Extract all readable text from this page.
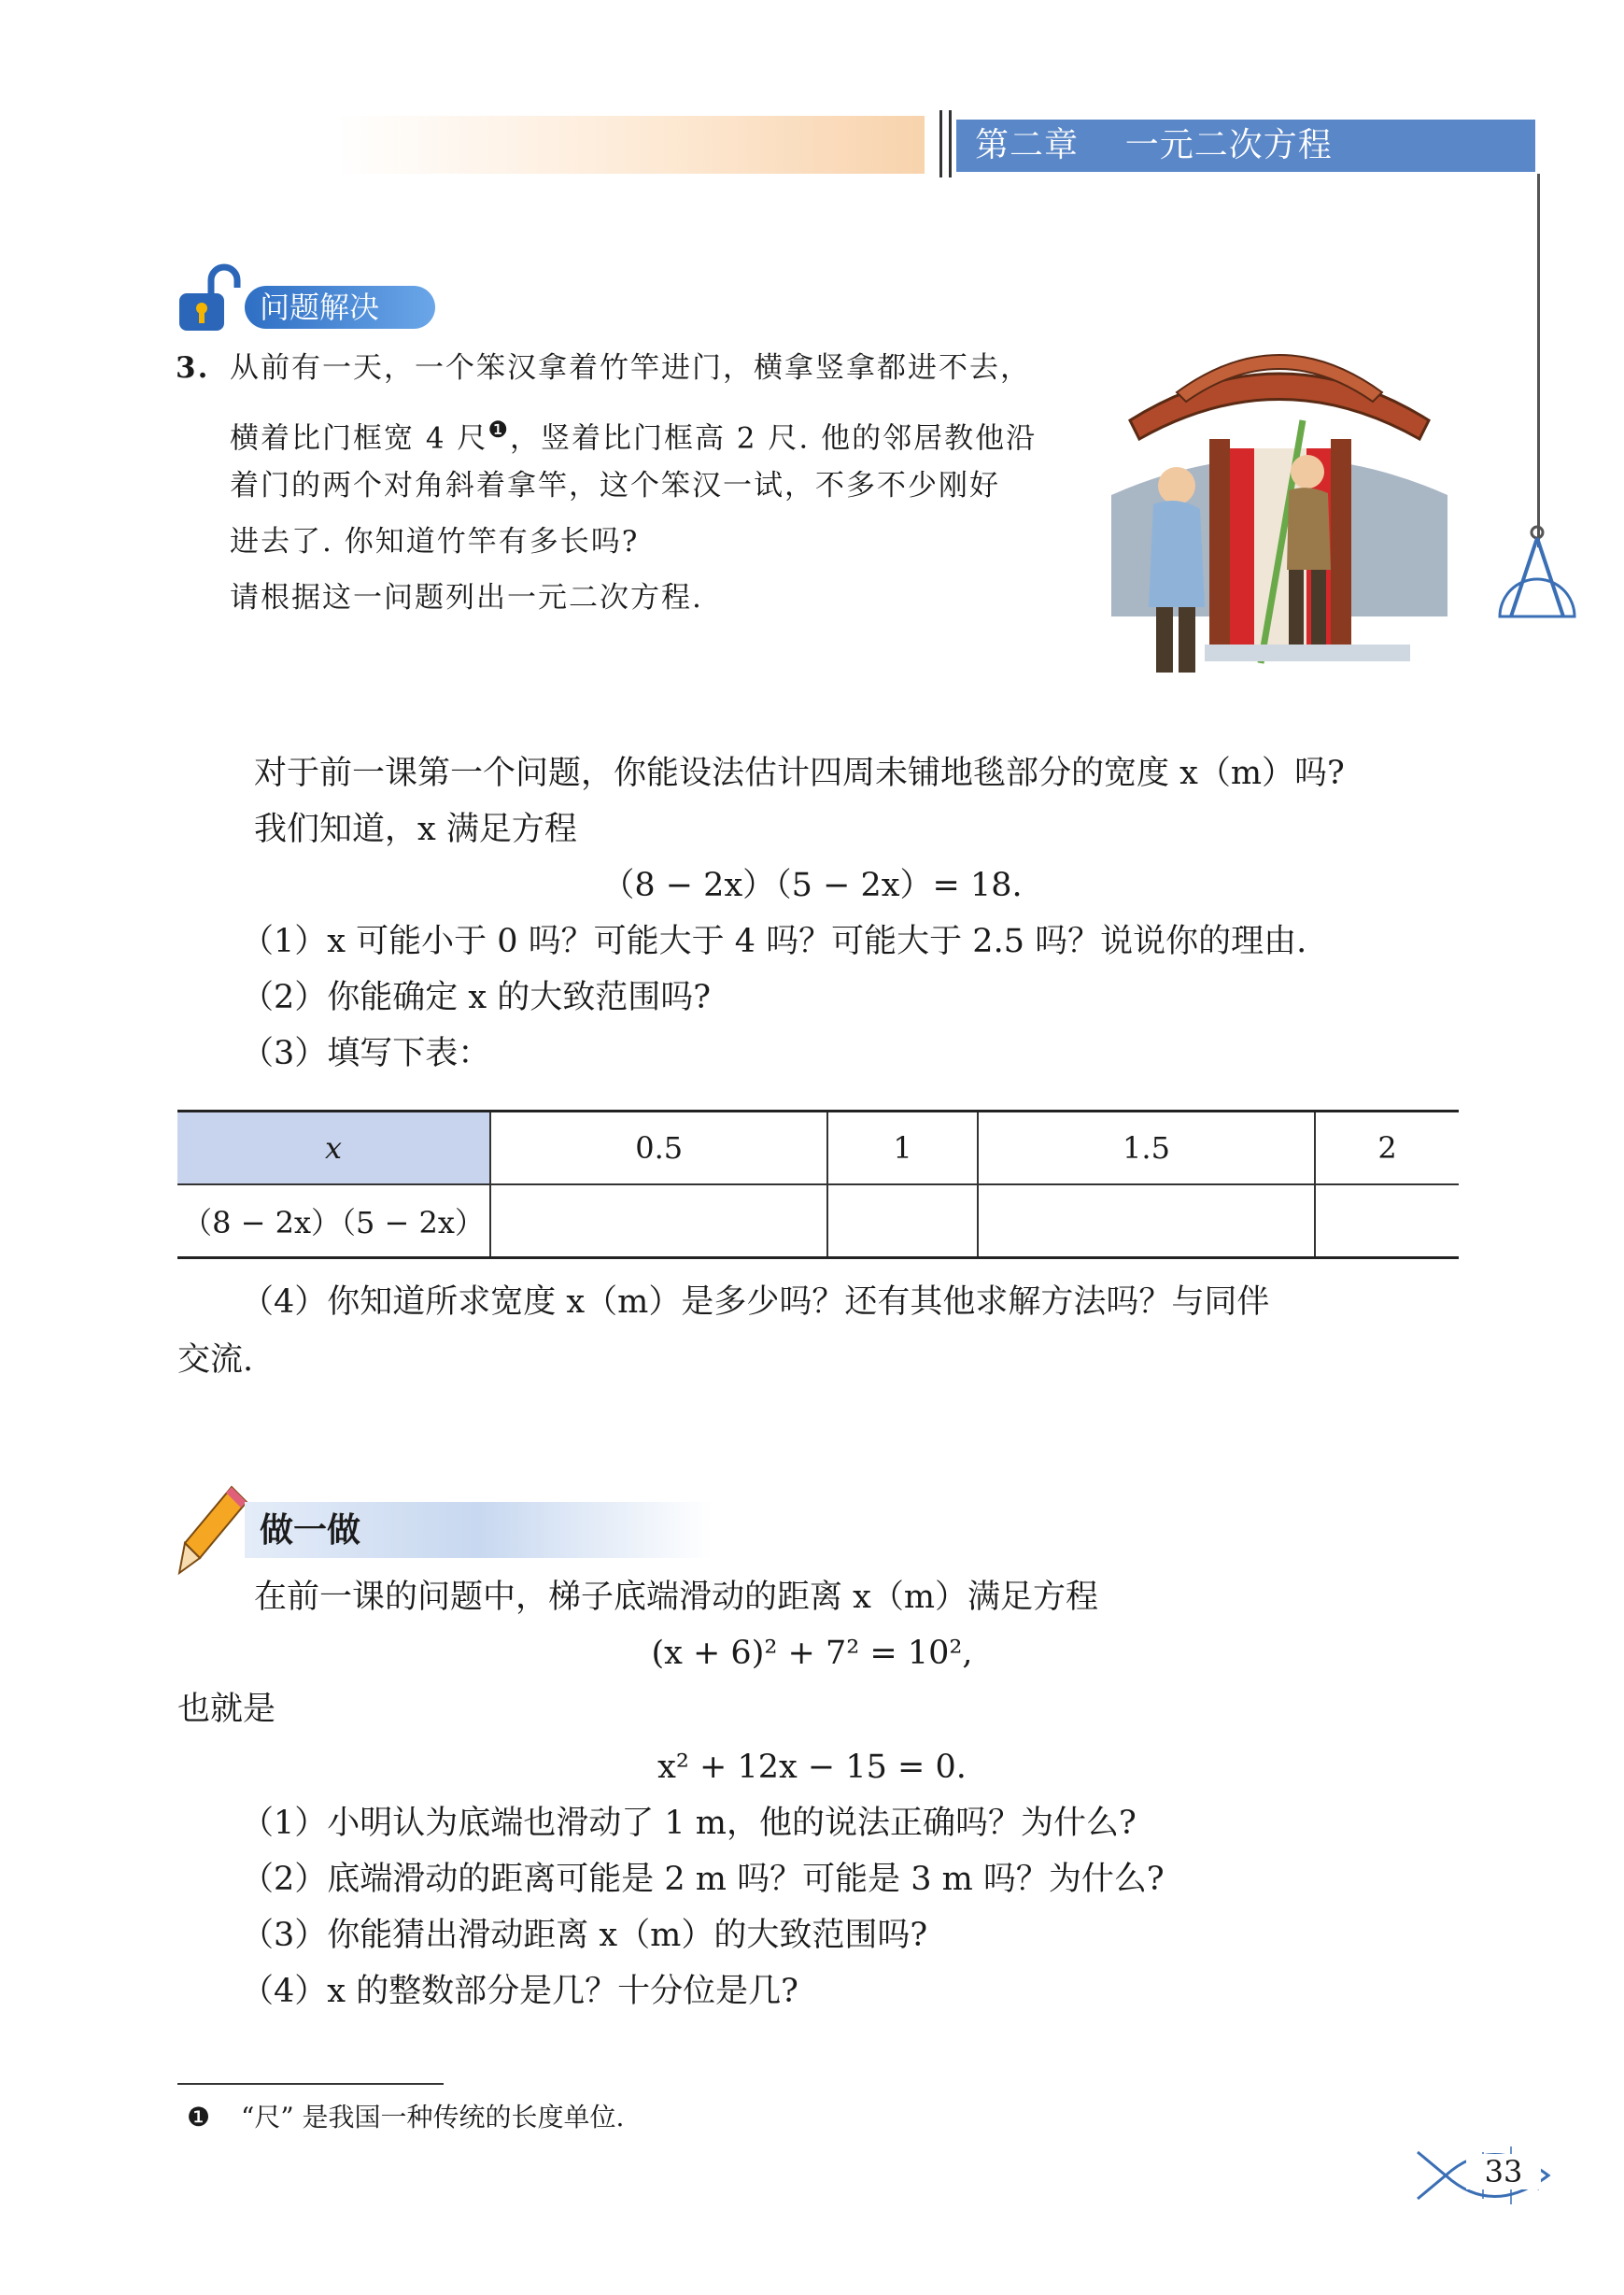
第二章 一元二次方程
问题解决
3. 从前有一天，一个笨汉拿着竹竿进门，横拿竖拿都进不去，
横着比门框宽 4 尺$^❶$，竖着比门框高 2 尺. 他的邻居教他沿
着门的两个对角斜着拿竿，这个笨汉一试，不多不少刚好
进去了. 你知道竹竿有多长吗?
请根据这一问题列出一元二次方程.
对于前一课第一个问题，你能设法估计四周未铺地毯部分的宽度 x（m）吗?
我们知道，x 满足方程
（8 − 2x）（5 − 2x）= 18.
（1）x 可能小于 0 吗？可能大于 4 吗？可能大于 2.5 吗？说说你的理由.
（2）你能确定 x 的大致范围吗?
（3）填写下表：
x	0.5	1	1.5	2
（8 − 2x）（5 − 2x）				
（4）你知道所求宽度 x（m）是多少吗？还有其他求解方法吗？与同伴
交流.
做一做
在前一课的问题中，梯子底端滑动的距离 x（m）满足方程
(x + 6)² + 7² = 10²,
也就是
x² + 12x − 15 = 0.
（1）小明认为底端也滑动了 1 m，他的说法正确吗？为什么?
（2）底端滑动的距离可能是 2 m 吗？可能是 3 m 吗？为什么?
（3）你能猜出滑动距离 x（m）的大致范围吗?
（4）x 的整数部分是几？十分位是几?
❶ “尺” 是我国一种传统的长度单位.
33
